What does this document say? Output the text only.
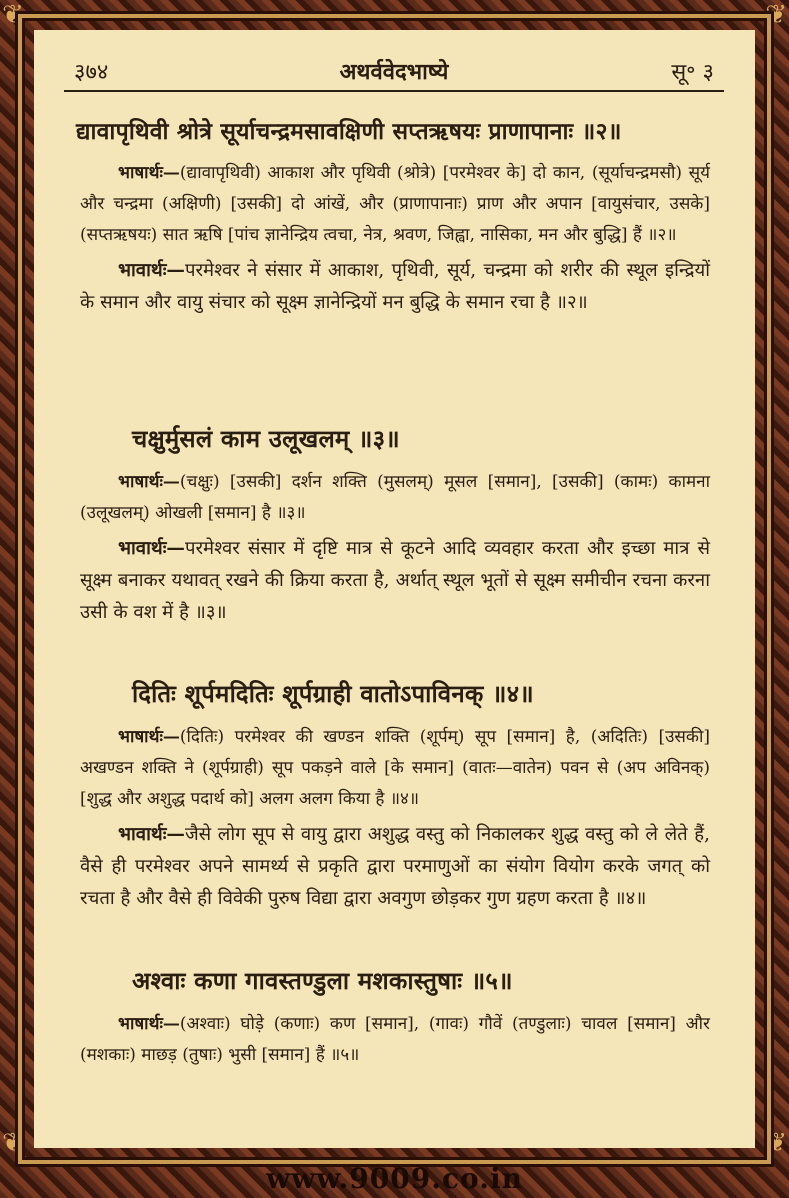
❦	❦
❦	❦
३७४	अथर्ववेदभाष्ये	सू॰ ३
द्यावापृथिवी श्रोत्रे सूर्याचन्द्रमसावक्षिणी सप्तऋषयः प्राणापानाः ॥२॥
भाषार्थः—(द्यावापृथिवी) आकाश और पृथिवी (श्रोत्रे) [परमेश्वर के] दो कान, (सूर्याचन्द्रमसौ) सूर्य और चन्द्रमा (अक्षिणी) [उसकी] दो आंखें, और (प्राणापानाः) प्राण और अपान [वायुसंचार, उसके] (सप्तऋषयः) सात ऋषि [पांच ज्ञानेन्द्रिय त्वचा, नेत्र, श्रवण, जिह्वा, नासिका, मन और बुद्धि] हैं ॥२॥
भावार्थः—परमेश्वर ने संसार में आकाश, पृथिवी, सूर्य, चन्द्रमा को शरीर की स्थूल इन्द्रियों के समान और वायु संचार को सूक्ष्म ज्ञानेन्द्रियों मन बुद्धि के समान रचा है ॥२॥
चक्षुर्मुसलं काम उलूखलम् ॥३॥
भाषार्थः—(चक्षुः) [उसकी] दर्शन शक्ति (मुसलम्) मूसल [समान], [उसकी] (कामः) कामना (उलूखलम्) ओखली [समान] है ॥३॥
भावार्थः—परमेश्वर संसार में दृष्टि मात्र से कूटने आदि व्यवहार करता और इच्छा मात्र से सूक्ष्म बनाकर यथावत् रखने की क्रिया करता है, अर्थात् स्थूल भूतों से सूक्ष्म समीचीन रचना करना उसी के वश में है ॥३॥
दितिः शूर्पमदितिः शूर्पग्राही वातोऽपाविनक् ॥४॥
भाषार्थः—(दितिः) परमेश्वर की खण्डन शक्ति (शूर्पम्) सूप [समान] है, (अदितिः) [उसकी] अखण्डन शक्ति ने (शूर्पग्राही) सूप पकड़ने वाले [के समान] (वातः—वातेन) पवन से (अप अविनक्) [शुद्ध और अशुद्ध पदार्थ को] अलग अलग किया है ॥४॥
भावार्थः—जैसे लोग सूप से वायु द्वारा अशुद्ध वस्तु को निकालकर शुद्ध वस्तु को ले लेते हैं, वैसे ही परमेश्वर अपने सामर्थ्य से प्रकृति द्वारा परमाणुओं का संयोग वियोग करके जगत् को रचता है और वैसे ही विवेकी पुरुष विद्या द्वारा अवगुण छोड़कर गुण ग्रहण करता है ॥४॥
अश्वाः कणा गावस्तण्डुला मशकास्तुषाः ॥५॥
भाषार्थः—(अश्वाः) घोड़े (कणाः) कण [समान], (गावः) गौवें (तण्डुलाः) चावल [समान] और (मशकाः) माछड़ (तुषाः) भुसी [समान] हैं ॥५॥
www.9009.co.in
